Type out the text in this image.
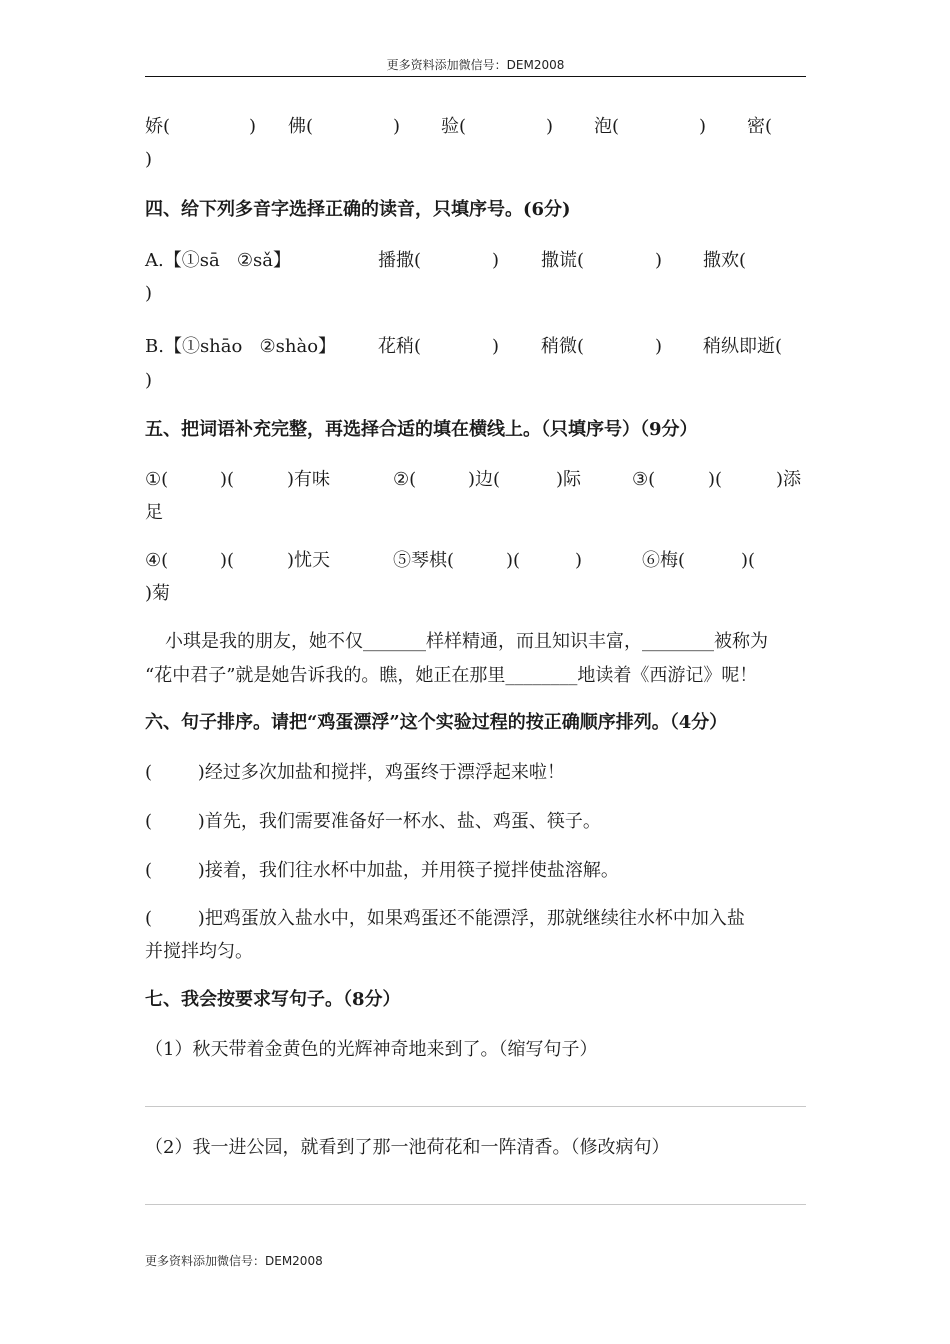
更多资料添加微信号：DEM2008
娇(	) 佛(	) 验(	) 泡(	) 密(
)
四、给下列多音字选择正确的读音，只填序号。(6分)
A.【①sā   ②sǎ】	播撒(	) 撒谎(	) 撒欢(
)
B.【①shāo   ②shào】 花稍(	) 稍微(	) 稍纵即逝(
)
五、把词语补充完整，再选择合适的填在横线上。（只填序号）（9分）
①(	)(	)有味	②(	)边(	)际	③(	)(	)添
足
④(	)(	)忧天	⑤琴棋(	)(	)	⑥梅(	)(
)菊
小琪是我的朋友，她不仅_______样样精通，而且知识丰富，________被称为
“花中君子”就是她告诉我的。瞧，她正在那里________地读着《西游记》呢！
六、句子排序。请把“鸡蛋漂浮”这个实验过程的按正确顺序排列。（4分）
(        )经过多次加盐和搅拌，鸡蛋终于漂浮起来啦！
(        )首先，我们需要准备好一杯水、盐、鸡蛋、筷子。
(        )接着，我们往水杯中加盐，并用筷子搅拌使盐溶解。
(        )把鸡蛋放入盐水中，如果鸡蛋还不能漂浮，那就继续往水杯中加入盐
并搅拌均匀。
七、我会按要求写句子。（8分）
（1）秋天带着金黄色的光辉神奇地来到了。（缩写句子）
（2）我一进公园，就看到了那一池荷花和一阵清香。（修改病句）
更多资料添加微信号：DEM2008
